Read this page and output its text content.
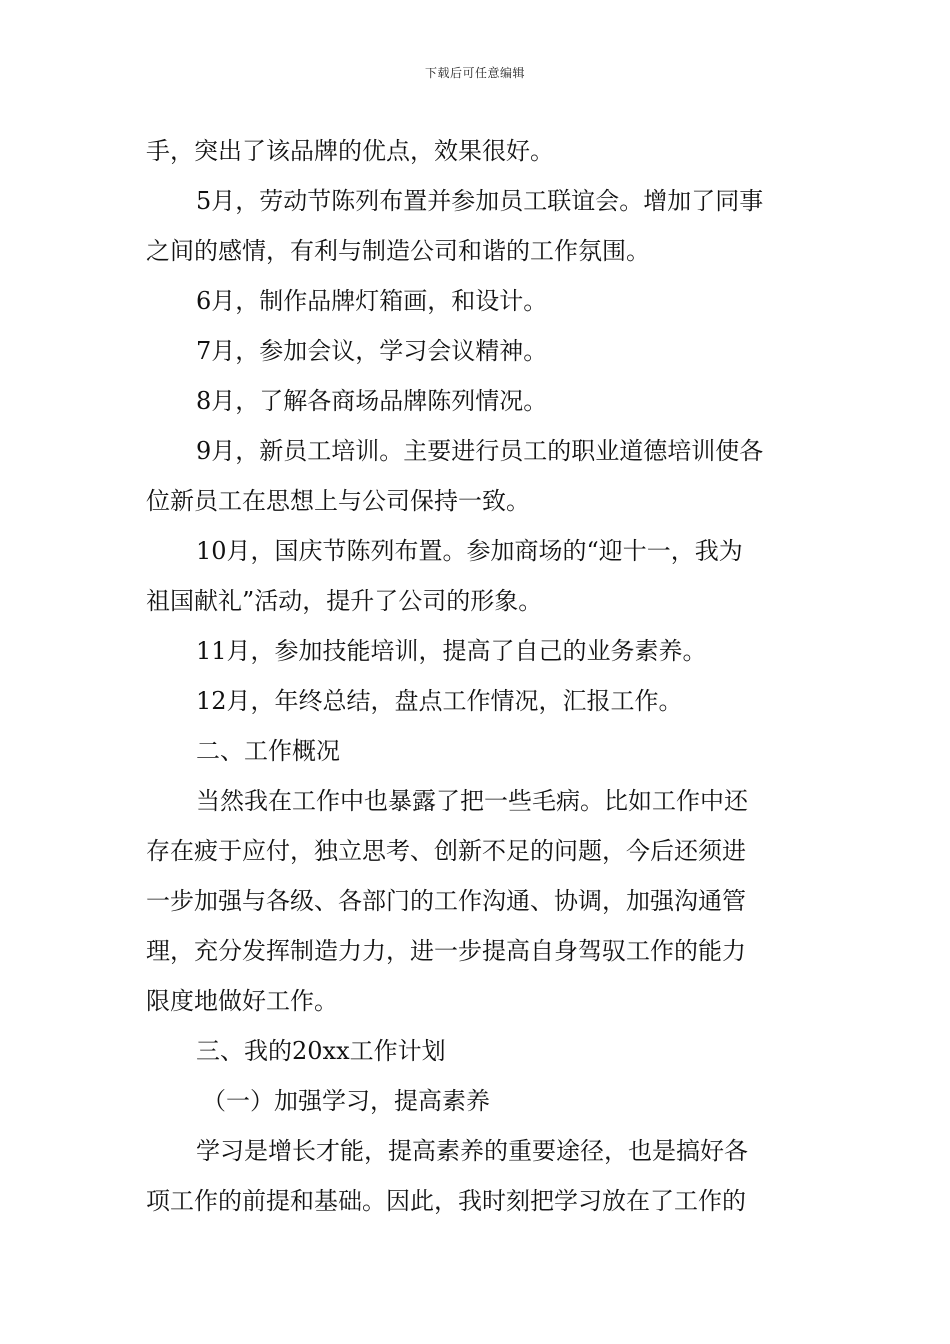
下载后可任意编辑
手，突出了该品牌的优点，效果很好。
5月，劳动节陈列布置并参加员工联谊会。增加了同事
之间的感情，有利与制造公司和谐的工作氛围。
6月，制作品牌灯箱画，和设计。
7月，参加会议，学习会议精神。
8月，了解各商场品牌陈列情况。
9月，新员工培训。主要进行员工的职业道德培训使各
位新员工在思想上与公司保持一致。
10月，国庆节陈列布置。参加商场的“迎十一，我为
祖国献礼”活动，提升了公司的形象。
11月，参加技能培训，提高了自己的业务素养。
12月，年终总结，盘点工作情况，汇报工作。
二、工作概况
当然我在工作中也暴露了把一些毛病。比如工作中还
存在疲于应付，独立思考、创新不足的问题，今后还须进
一步加强与各级、各部门的工作沟通、协调，加强沟通管
理，充分发挥制造力力，进一步提高自身驾驭工作的能力
限度地做好工作。
三、我的20xx工作计划
（一）加强学习，提高素养
学习是增长才能，提高素养的重要途径，也是搞好各
项工作的前提和基础。因此，我时刻把学习放在了工作的
